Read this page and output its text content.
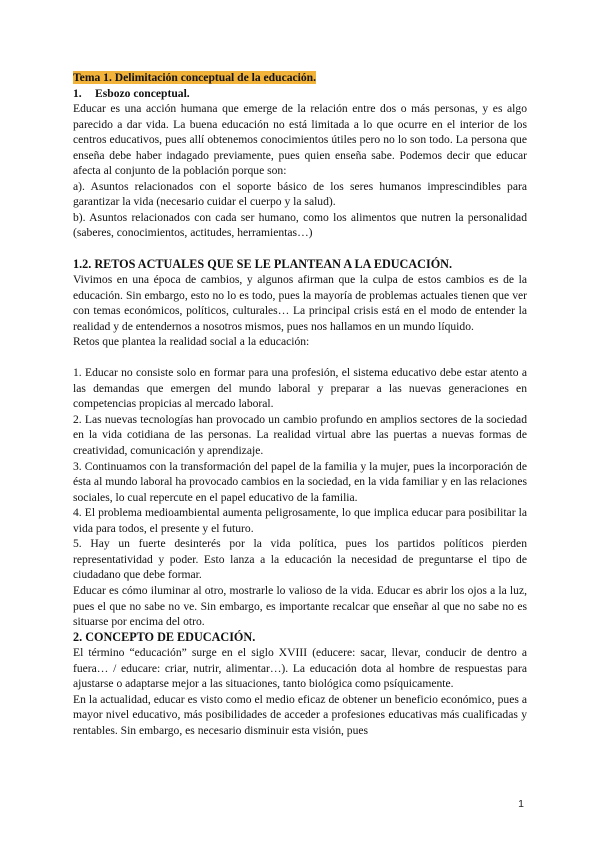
Tema 1. Delimitación conceptual de la educación.

1. Esbozo conceptual.

Educar es una acción humana que emerge de la relación entre dos o más personas, y es algo parecido a dar vida. La buena educación no está limitada a lo que ocurre en el interior de los centros educativos, pues allí obtenemos conocimientos útiles pero no lo son todo. La persona que enseña debe haber indagado previamente, pues quien enseña sabe. Podemos decir que educar afecta al conjunto de la población porque son:

a). Asuntos relacionados con el soporte básico de los seres humanos imprescindibles para garantizar la vida (necesario cuidar el cuerpo y la salud).

b). Asuntos relacionados con cada ser humano, como los alimentos que nutren la personalidad (saberes, conocimientos, actitudes, herramientas…)

1.2. RETOS ACTUALES QUE SE LE PLANTEAN A LA EDUCACIÓN.

Vivimos en una época de cambios, y algunos afirman que la culpa de estos cambios es de la educación. Sin embargo, esto no lo es todo, pues la mayoría de problemas actuales tienen que ver con temas económicos, políticos, culturales… La principal crisis está en el modo de entender la realidad y de entendernos a nosotros mismos, pues nos hallamos en un mundo líquido.

Retos que plantea la realidad social a la educación:

1. Educar no consiste solo en formar para una profesión, el sistema educativo debe estar atento a las demandas que emergen del mundo laboral y preparar a las nuevas generaciones en competencias propicias al mercado laboral.

2. Las nuevas tecnologías han provocado un cambio profundo en amplios sectores de la sociedad en la vida cotidiana de las personas. La realidad virtual abre las puertas a nuevas formas de creatividad, comunicación y aprendizaje.

3. Continuamos con la transformación del papel de la familia y la mujer, pues la incorporación de ésta al mundo laboral ha provocado cambios en la sociedad, en la vida familiar y en las relaciones sociales, lo cual repercute en el papel educativo de la familia.

4. El problema medioambiental aumenta peligrosamente, lo que implica educar para posibilitar la vida para todos, el presente y el futuro.

5. Hay un fuerte desinterés por la vida política, pues los partidos políticos pierden representatividad y poder. Esto lanza a la educación la necesidad de preguntarse el tipo de ciudadano que debe formar.

Educar es cómo iluminar al otro, mostrarle lo valioso de la vida. Educar es abrir los ojos a la luz, pues el que no sabe no ve. Sin embargo, es importante recalcar que enseñar al que no sabe no es situarse por encima del otro.

2. CONCEPTO DE EDUCACIÓN.

El término “educación” surge en el siglo XVIII (educere: sacar, llevar, conducir de dentro a fuera… / educare: criar, nutrir, alimentar…). La educación dota al hombre de respuestas para ajustarse o adaptarse mejor a las situaciones, tanto biológica como psíquicamente.

En la actualidad, educar es visto como el medio eficaz de obtener un beneficio económico, pues a mayor nivel educativo, más posibilidades de acceder a profesiones educativas más cualificadas y rentables. Sin embargo, es necesario disminuir esta visión, pues

1
